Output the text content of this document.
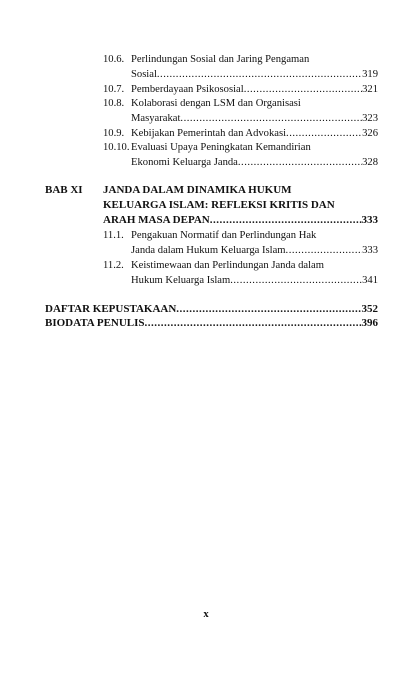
10.6. Perlindungan Sosial dan Jaring Pengaman
Sosial .....	319
10.7. Pemberdayaan Psikososial .....	321
10.8. Kolaborasi dengan LSM dan Organisasi
Masyarakat .....	323
10.9. Kebijakan Pemerintah dan Advokasi .....	326
10.10. Evaluasi Upaya Peningkatan Kemandirian
Ekonomi Keluarga Janda .....	328
BAB XI JANDA DALAM DINAMIKA HUKUM
KELUARGA ISLAM: REFLEKSI KRITIS DAN
ARAH MASA DEPAN .....	333
11.1. Pengakuan Normatif dan Perlindungan Hak
Janda dalam Hukum Keluarga Islam .....	333
11.2. Keistimewaan dan Perlindungan Janda dalam
Hukum Keluarga Islam .....	341
DAFTAR KEPUSTAKAAN .....	352
BIODATA PENULIS .....	396
x
